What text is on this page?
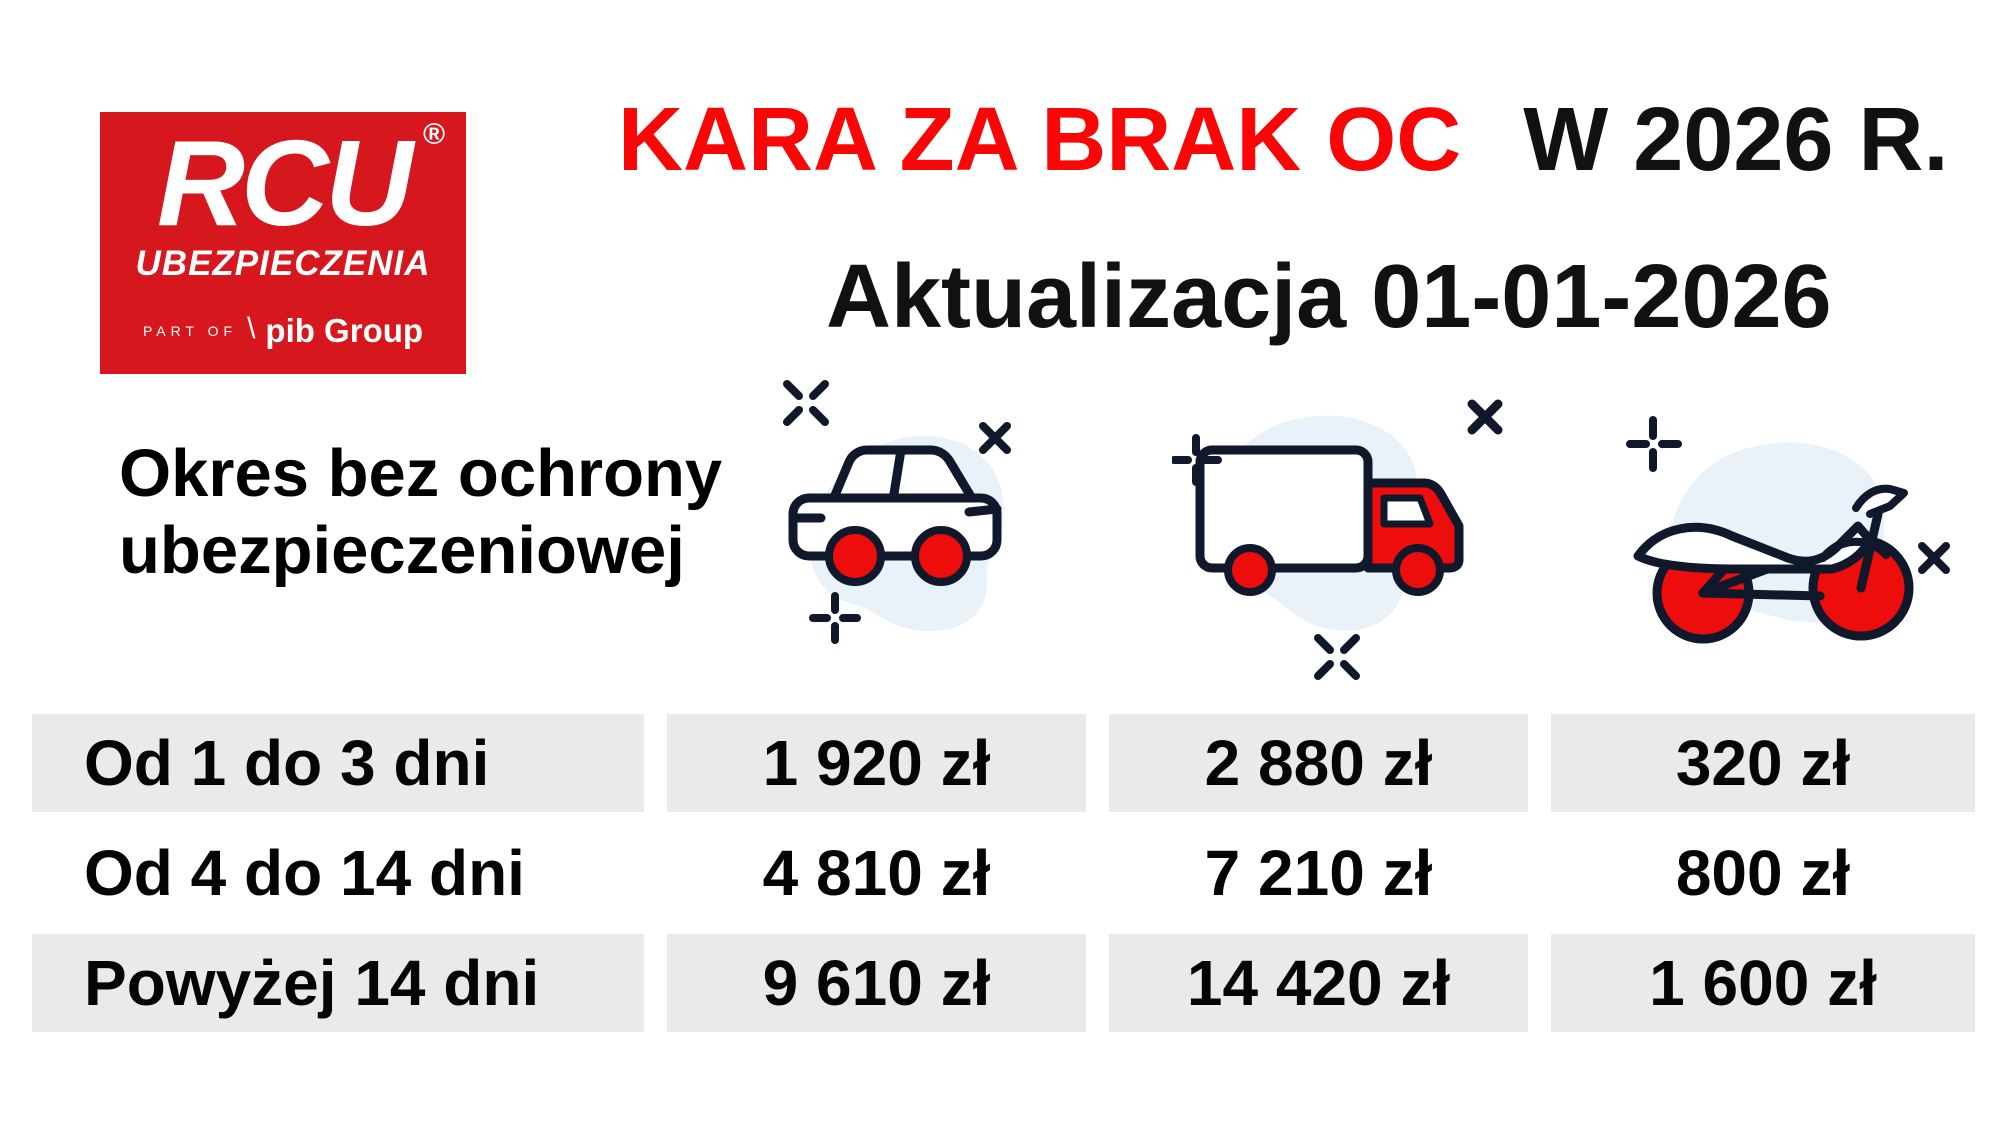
RCU ®
UBEZPIECZENIA
PART OF \ pib Group
KARA ZA BRAK OC W 2026 R.
Aktualizacja 01-01-2026
Okres bez ochrony
ubezpieczeniowej
Od 1 do 3 dni	1 920 zł	2 880 zł	320 zł
Od 4 do 14 dni	4 810 zł	7 210 zł	800 zł
Powyżej 14 dni	9 610 zł	14 420 zł	1 600 zł
